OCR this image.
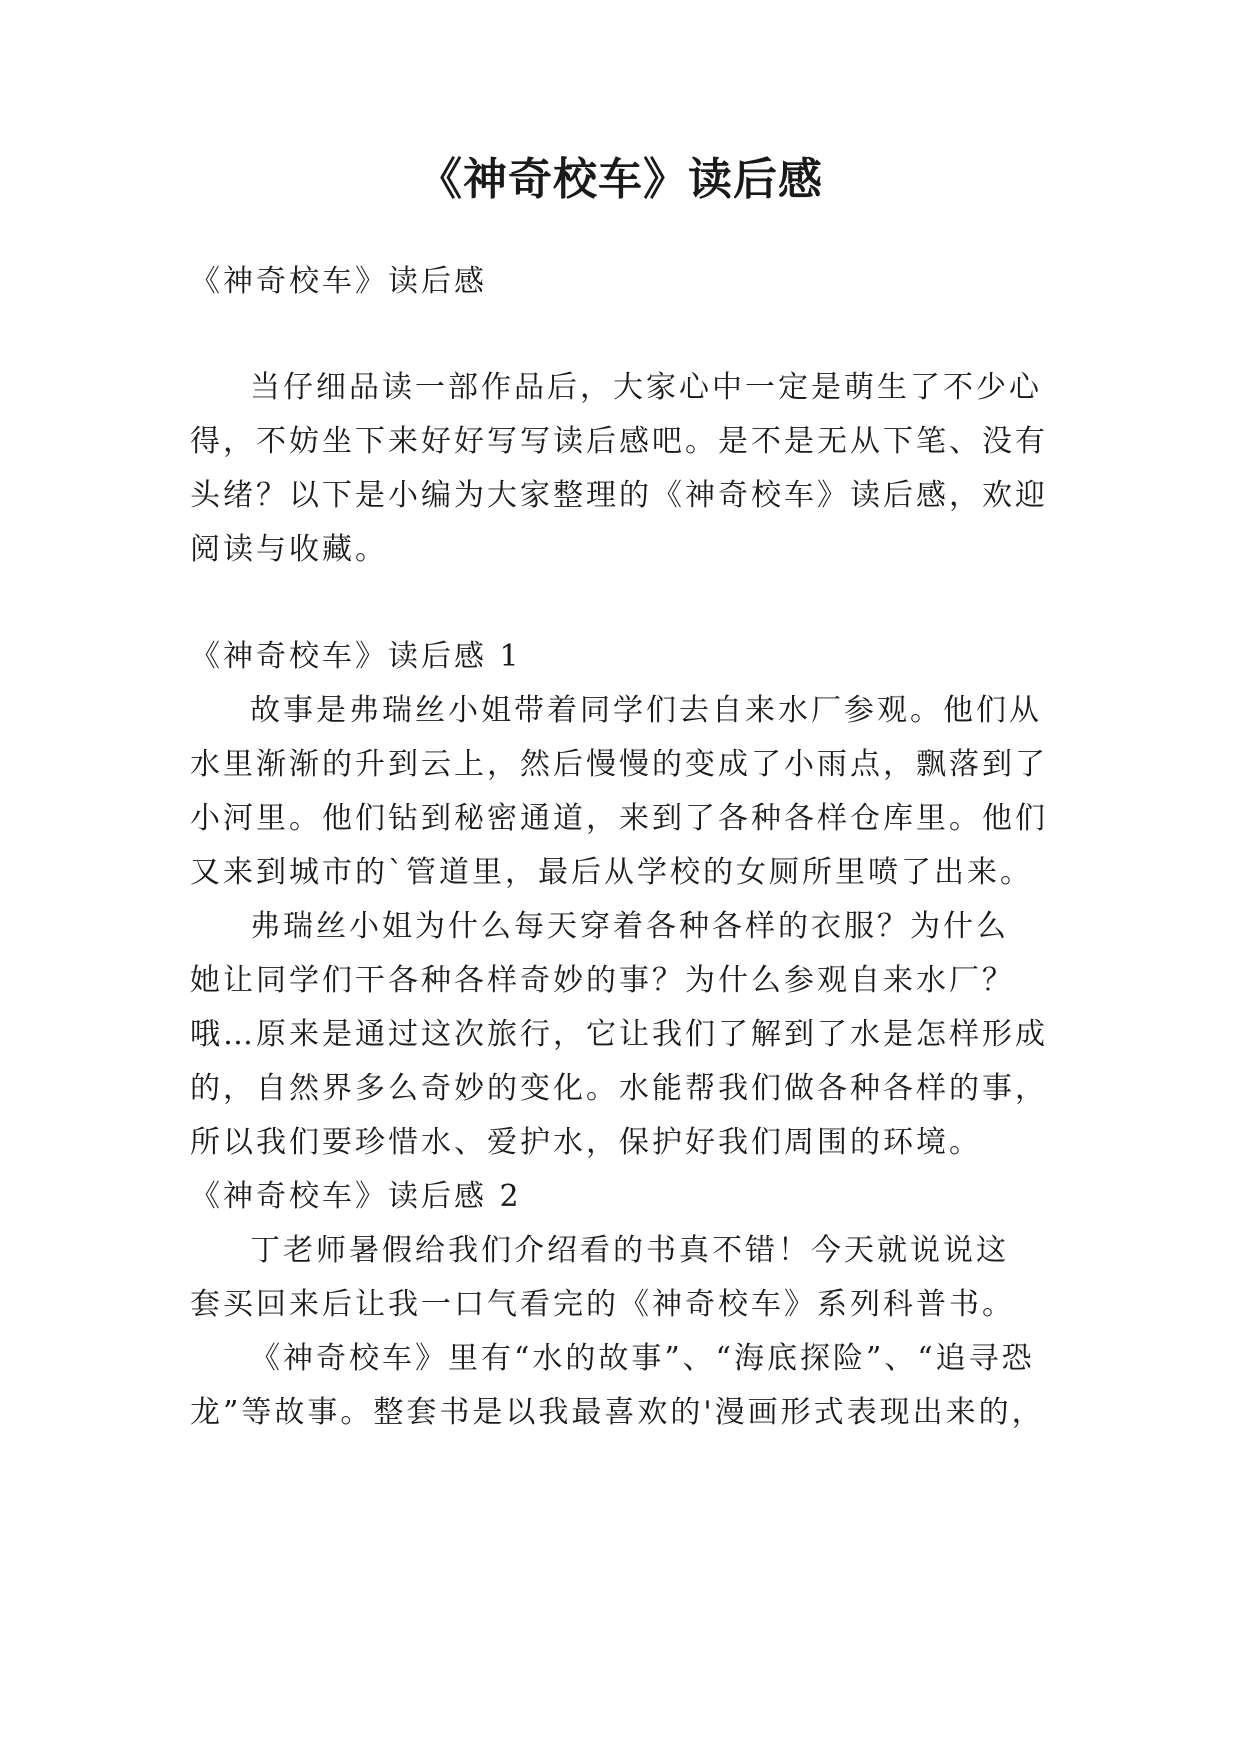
《神奇校车》读后感
《神奇校车》读后感
当仔细品读一部作品后，大家心中一定是萌生了不少心
得，不妨坐下来好好写写读后感吧。是不是无从下笔、没有
头绪？以下是小编为大家整理的《神奇校车》读后感，欢迎
阅读与收藏。
《神奇校车》读后感 1
故事是弗瑞丝小姐带着同学们去自来水厂参观。他们从
水里渐渐的升到云上，然后慢慢的变成了小雨点，飘落到了
小河里。他们钻到秘密通道，来到了各种各样仓库里。他们
又来到城市的`管道里，最后从学校的女厕所里喷了出来。
弗瑞丝小姐为什么每天穿着各种各样的衣服？为什么
她让同学们干各种各样奇妙的事？为什么参观自来水厂？
哦…原来是通过这次旅行，它让我们了解到了水是怎样形成
的，自然界多么奇妙的变化。水能帮我们做各种各样的事，
所以我们要珍惜水、爱护水，保护好我们周围的环境。
《神奇校车》读后感 2
丁老师暑假给我们介绍看的书真不错！今天就说说这
套买回来后让我一口气看完的《神奇校车》系列科普书。
《神奇校车》里有“水的故事”、“海底探险”、“追寻恐
龙”等故事。整套书是以我最喜欢的'漫画形式表现出来的，
